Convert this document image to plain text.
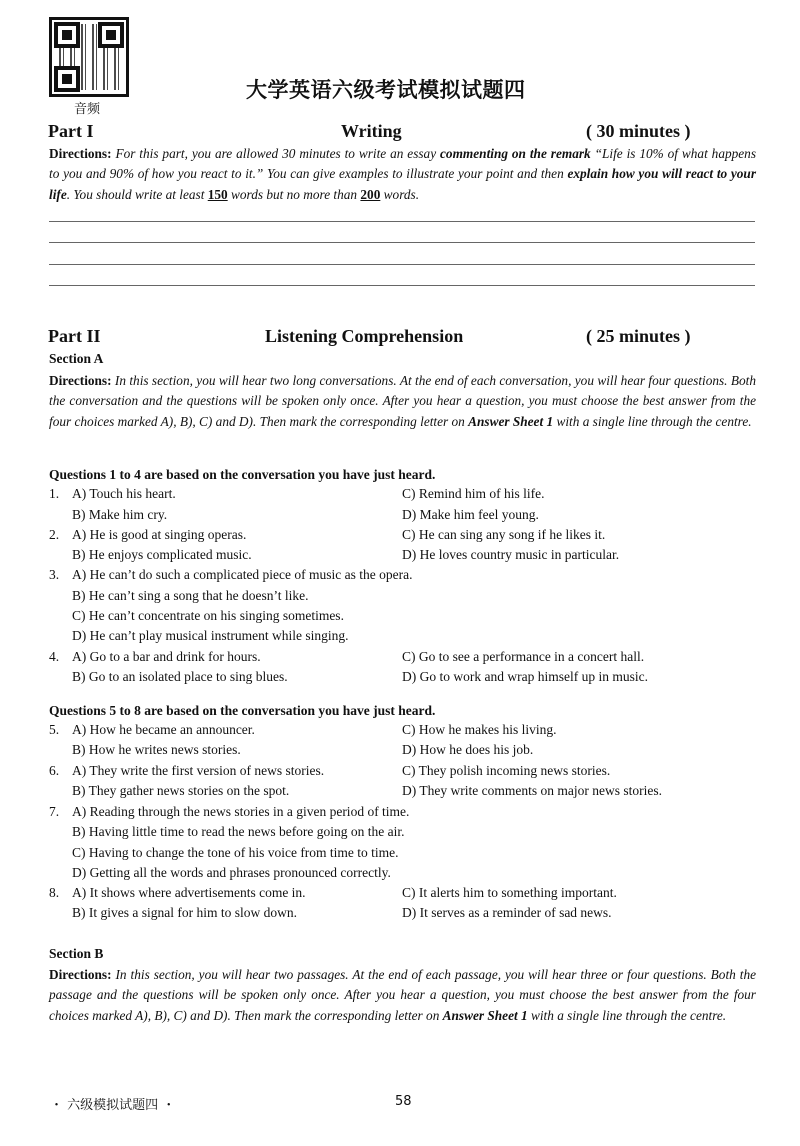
音频
大学英语六级考试模拟试题四
Part I	Writing	( 30 minutes )
Directions: For this part, you are allowed 30 minutes to write an essay commenting on the remark “Life is 10% of what happens to you and 90% of how you react to it.” You can give examples to illustrate your point and then explain how you will react to your life. You should write at least 150 words but no more than 200 words.
Part II	Listening Comprehension	( 25 minutes )
Section A
Directions: In this section, you will hear two long conversations. At the end of each conversation, you will hear four questions. Both the conversation and the questions will be spoken only once. After you hear a question, you must choose the best answer from the four choices marked A), B), C) and D). Then mark the corresponding letter on Answer Sheet 1 with a single line through the centre.
Questions 1 to 4 are based on the conversation you have just heard.
1. A) Touch his heart.	C) Remind him of his life.
B) Make him cry.	D) Make him feel young.
2. A) He is good at singing operas.	C) He can sing any song if he likes it.
B) He enjoys complicated music.	D) He loves country music in particular.
3. A) He can’t do such a complicated piece of music as the opera.
B) He can’t sing a song that he doesn’t like.
C) He can’t concentrate on his singing sometimes.
D) He can’t play musical instrument while singing.
4. A) Go to a bar and drink for hours.	C) Go to see a performance in a concert hall.
B) Go to an isolated place to sing blues.	D) Go to work and wrap himself up in music.
Questions 5 to 8 are based on the conversation you have just heard.
5. A) How he became an announcer.	C) How he makes his living.
B) How he writes news stories.	D) How he does his job.
6. A) They write the first version of news stories.	C) They polish incoming news stories.
B) They gather news stories on the spot.	D) They write comments on major news stories.
7. A) Reading through the news stories in a given period of time.
B) Having little time to read the news before going on the air.
C) Having to change the tone of his voice from time to time.
D) Getting all the words and phrases pronounced correctly.
8. A) It shows where advertisements come in.	C) It alerts him to something important.
B) It gives a signal for him to slow down.	D) It serves as a reminder of sad news.
Section B
Directions: In this section, you will hear two passages. At the end of each passage, you will hear three or four questions. Both the passage and the questions will be spoken only once. After you hear a question, you must choose the best answer from the four choices marked A), B), C) and D). Then mark the corresponding letter on Answer Sheet 1 with a single line through the centre.
・ 六级模拟试题四 ・	58
